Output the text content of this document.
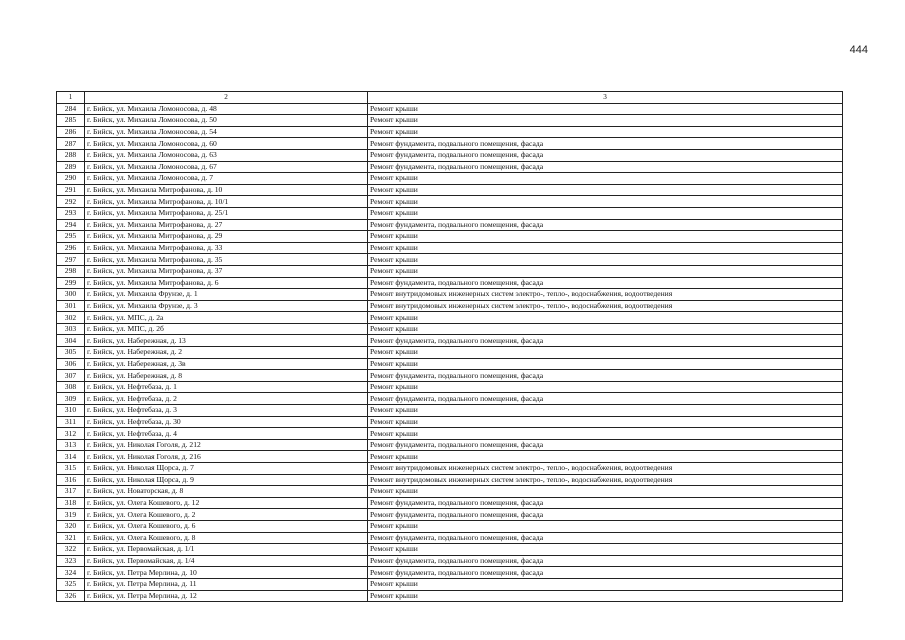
444
1	2	3
284	г. Бийск, ул. Михаила Ломоносова, д. 48	Ремонт крыши
285	г. Бийск, ул. Михаила Ломоносова, д. 50	Ремонт крыши
286	г. Бийск, ул. Михаила Ломоносова, д. 54	Ремонт крыши
287	г. Бийск, ул. Михаила Ломоносова, д. 60	Ремонт фундамента, подвального помещения, фасада
288	г. Бийск, ул. Михаила Ломоносова, д. 63	Ремонт фундамента, подвального помещения, фасада
289	г. Бийск, ул. Михаила Ломоносова, д. 67	Ремонт фундамента, подвального помещения, фасада
290	г. Бийск, ул. Михаила Ломоносова, д. 7	Ремонт крыши
291	г. Бийск, ул. Михаила Митрофанова, д. 10	Ремонт крыши
292	г. Бийск, ул. Михаила Митрофанова, д. 10/1	Ремонт крыши
293	г. Бийск, ул. Михаила Митрофанова, д. 25/1	Ремонт крыши
294	г. Бийск, ул. Михаила Митрофанова, д. 27	Ремонт фундамента, подвального помещения, фасада
295	г. Бийск, ул. Михаила Митрофанова, д. 29	Ремонт крыши
296	г. Бийск, ул. Михаила Митрофанова, д. 33	Ремонт крыши
297	г. Бийск, ул. Михаила Митрофанова, д. 35	Ремонт крыши
298	г. Бийск, ул. Михаила Митрофанова, д. 37	Ремонт крыши
299	г. Бийск, ул. Михаила Митрофанова, д. 6	Ремонт фундамента, подвального помещения, фасада
300	г. Бийск, ул. Михаила Фрунзе, д. 1	Ремонт внутридомовых инженерных систем электро-, тепло-, водоснабжения, водоотведения
301	г. Бийск, ул. Михаила Фрунзе, д. 3	Ремонт внутридомовых инженерных систем электро-, тепло-, водоснабжения, водоотведения
302	г. Бийск, ул. МПС, д. 2а	Ремонт крыши
303	г. Бийск, ул. МПС, д. 2б	Ремонт крыши
304	г. Бийск, ул. Набережная, д. 13	Ремонт фундамента, подвального помещения, фасада
305	г. Бийск, ул. Набережная, д. 2	Ремонт крыши
306	г. Бийск, ул. Набережная, д. 3в	Ремонт крыши
307	г. Бийск, ул. Набережная, д. 8	Ремонт фундамента, подвального помещения, фасада
308	г. Бийск, ул. Нефтебаза, д. 1	Ремонт крыши
309	г. Бийск, ул. Нефтебаза, д. 2	Ремонт фундамента, подвального помещения, фасада
310	г. Бийск, ул. Нефтебаза, д. 3	Ремонт крыши
311	г. Бийск, ул. Нефтебаза, д. 30	Ремонт крыши
312	г. Бийск, ул. Нефтебаза, д. 4	Ремонт крыши
313	г. Бийск, ул. Николая Гоголя, д. 212	Ремонт фундамента, подвального помещения, фасада
314	г. Бийск, ул. Николая Гоголя, д. 216	Ремонт крыши
315	г. Бийск, ул. Николая Щорса, д. 7	Ремонт внутридомовых инженерных систем электро-, тепло-, водоснабжения, водоотведения
316	г. Бийск, ул. Николая Щорса, д. 9	Ремонт внутридомовых инженерных систем электро-, тепло-, водоснабжения, водоотведения
317	г. Бийск, ул. Новаторская, д. 8	Ремонт крыши
318	г. Бийск, ул. Олега Кошевого, д. 12	Ремонт фундамента, подвального помещения, фасада
319	г. Бийск, ул. Олега Кошевого, д. 2	Ремонт фундамента, подвального помещения, фасада
320	г. Бийск, ул. Олега Кошевого, д. 6	Ремонт крыши
321	г. Бийск, ул. Олега Кошевого, д. 8	Ремонт фундамента, подвального помещения, фасада
322	г. Бийск, ул. Первомайская, д. 1/1	Ремонт крыши
323	г. Бийск, ул. Первомайская, д. 1/4	Ремонт фундамента, подвального помещения, фасада
324	г. Бийск, ул. Петра Мерлина, д. 10	Ремонт фундамента, подвального помещения, фасада
325	г. Бийск, ул. Петра Мерлина, д. 11	Ремонт крыши
326	г. Бийск, ул. Петра Мерлина, д. 12	Ремонт крыши
